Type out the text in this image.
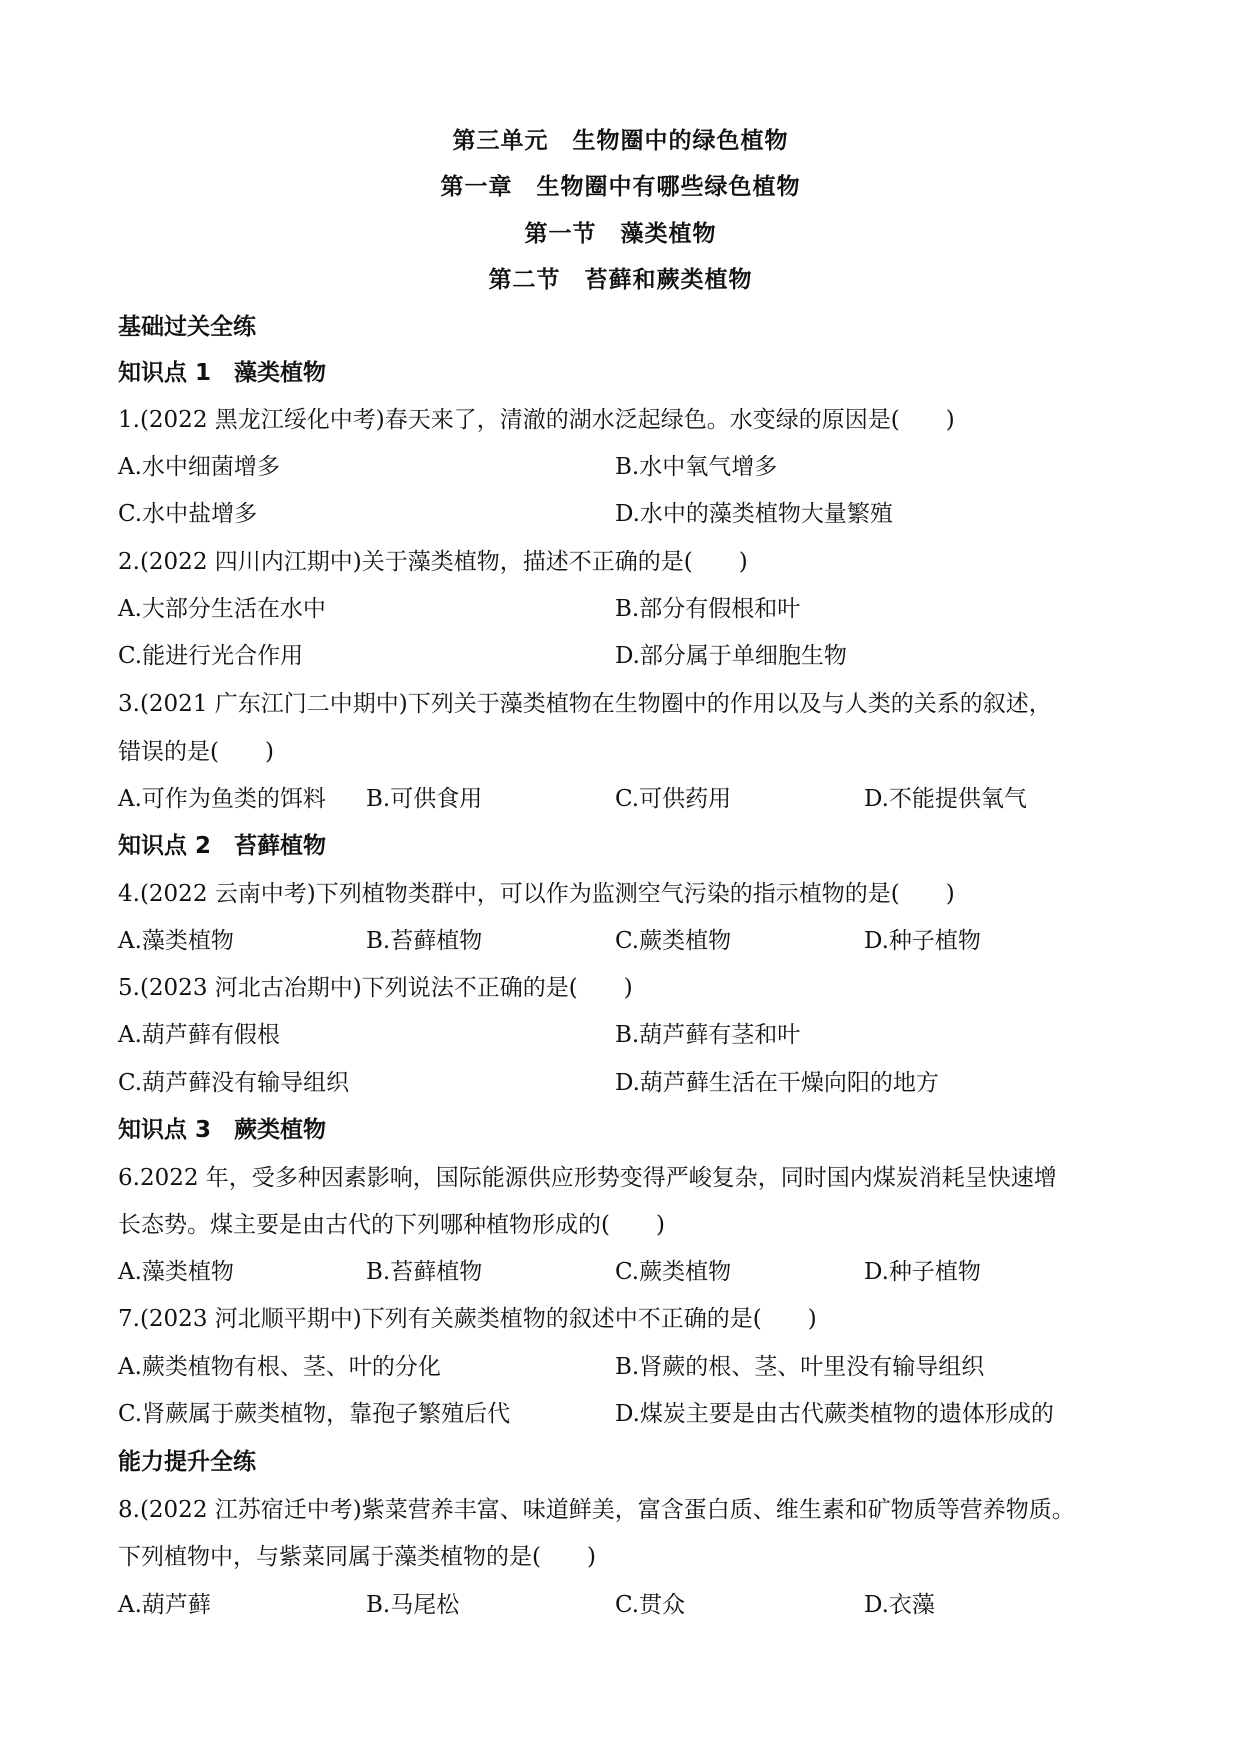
第三单元　生物圈中的绿色植物
第一章　生物圈中有哪些绿色植物
第一节　藻类植物
第二节　苔藓和蕨类植物
基础过关全练
知识点 1　藻类植物
1.(2022 黑龙江绥化中考)春天来了，清澈的湖水泛起绿色。水变绿的原因是(　　)
A.水中细菌增多	B.水中氧气增多
C.水中盐增多	D.水中的藻类植物大量繁殖
2.(2022 四川内江期中)关于藻类植物，描述不正确的是(　　)
A.大部分生活在水中	B.部分有假根和叶
C.能进行光合作用	D.部分属于单细胞生物
3.(2021 广东江门二中期中)下列关于藻类植物在生物圈中的作用以及与人类的关系的叙述，
错误的是(　　)
A.可作为鱼类的饵料 B.可供食用	C.可供药用	D.不能提供氧气
知识点 2　苔藓植物
4.(2022 云南中考)下列植物类群中，可以作为监测空气污染的指示植物的是(　　)
A.藻类植物	B.苔藓植物	C.蕨类植物	D.种子植物
5.(2023 河北古冶期中)下列说法不正确的是(　　)
A.葫芦藓有假根	B.葫芦藓有茎和叶
C.葫芦藓没有输导组织	D.葫芦藓生活在干燥向阳的地方
知识点 3　蕨类植物
6.2022 年，受多种因素影响，国际能源供应形势变得严峻复杂，同时国内煤炭消耗呈快速增
长态势。煤主要是由古代的下列哪种植物形成的(　　)
A.藻类植物	B.苔藓植物	C.蕨类植物	D.种子植物
7.(2023 河北顺平期中)下列有关蕨类植物的叙述中不正确的是(　　)
A.蕨类植物有根、茎、叶的分化	B.肾蕨的根、茎、叶里没有输导组织
C.肾蕨属于蕨类植物，靠孢子繁殖后代	D.煤炭主要是由古代蕨类植物的遗体形成的
能力提升全练
8.(2022 江苏宿迁中考)紫菜营养丰富、味道鲜美，富含蛋白质、维生素和矿物质等营养物质。
下列植物中，与紫菜同属于藻类植物的是(　　)
A.葫芦藓	B.马尾松	C.贯众	D.衣藻
